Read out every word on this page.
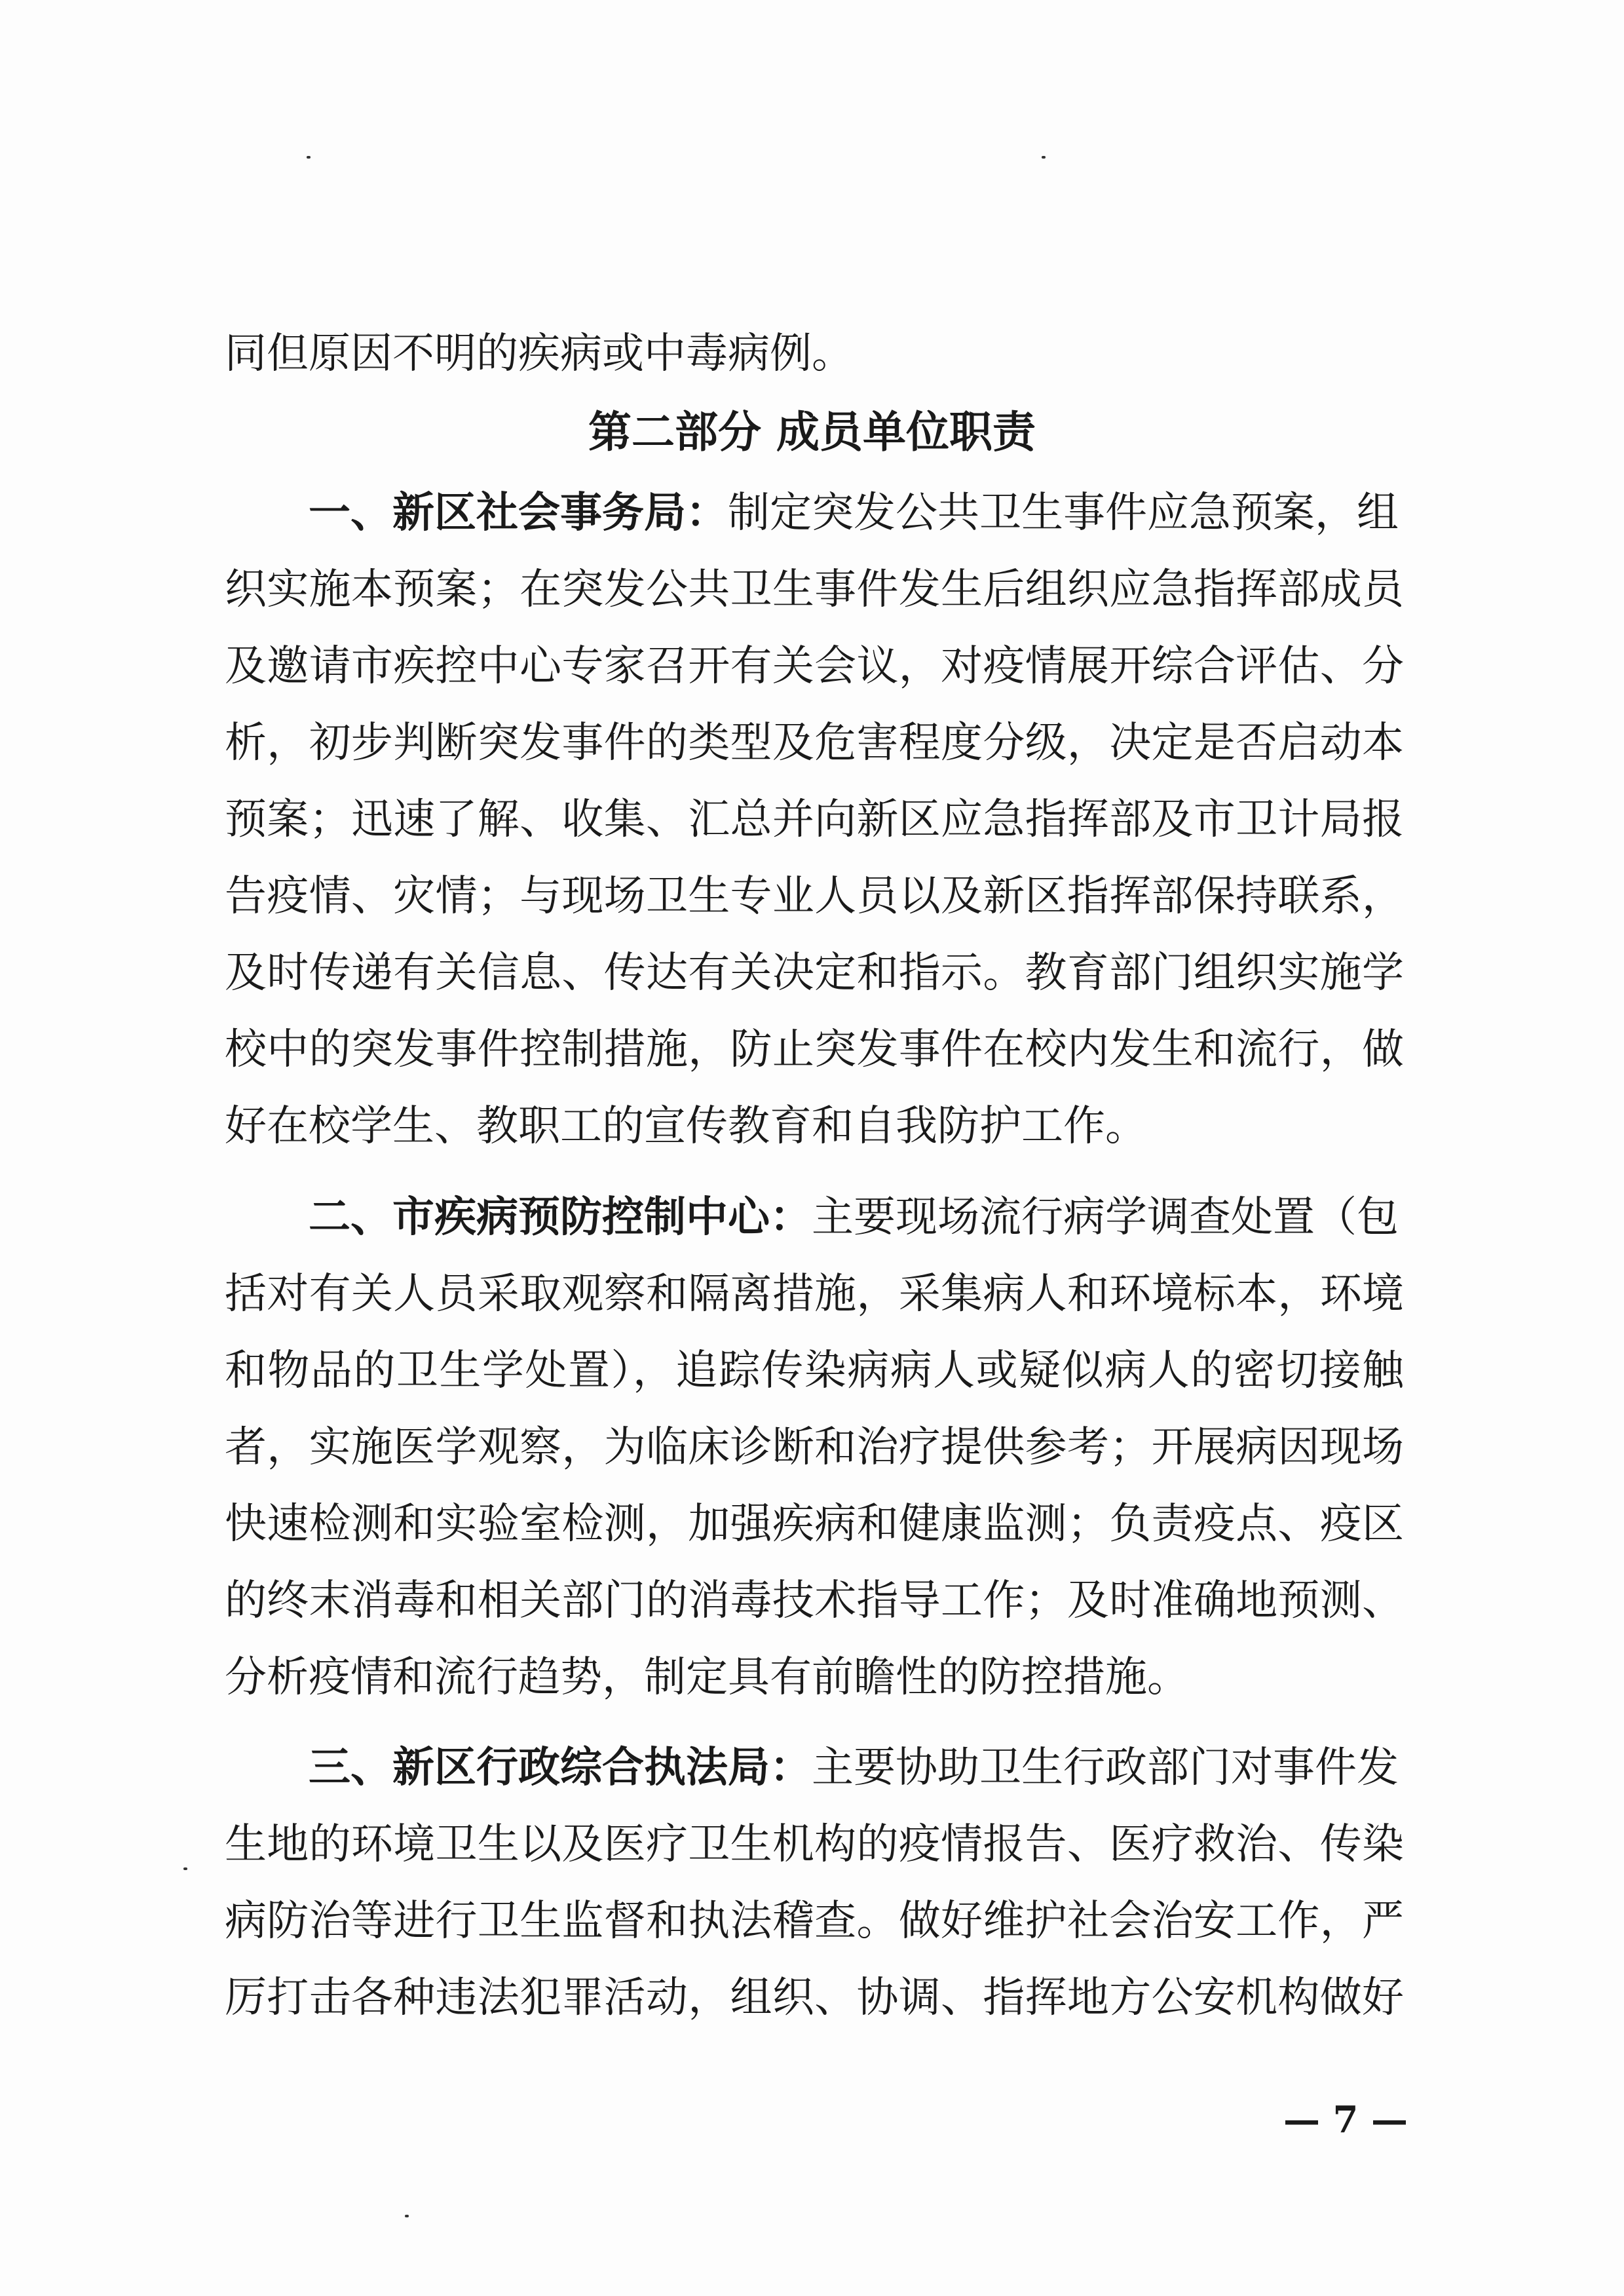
同但原因不明的疾病或中毒病例。
第二部分 成员单位职责
一、新区社会事务局：制定突发公共卫生事件应急预案，组
织实施本预案；在突发公共卫生事件发生后组织应急指挥部成员
及邀请市疾控中心专家召开有关会议，对疫情展开综合评估、分
析，初步判断突发事件的类型及危害程度分级，决定是否启动本
预案；迅速了解、收集、汇总并向新区应急指挥部及市卫计局报
告疫情、灾情；与现场卫生专业人员以及新区指挥部保持联系，
及时传递有关信息、传达有关决定和指示。教育部门组织实施学
校中的突发事件控制措施，防止突发事件在校内发生和流行，做
好在校学生、教职工的宣传教育和自我防护工作。
二、市疾病预防控制中心：主要现场流行病学调查处置（包
括对有关人员采取观察和隔离措施，采集病人和环境标本，环境
和物品的卫生学处置），追踪传染病病人或疑似病人的密切接触
者，实施医学观察，为临床诊断和治疗提供参考；开展病因现场
快速检测和实验室检测，加强疾病和健康监测；负责疫点、疫区
的终末消毒和相关部门的消毒技术指导工作；及时准确地预测、
分析疫情和流行趋势，制定具有前瞻性的防控措施。
三、新区行政综合执法局：主要协助卫生行政部门对事件发
生地的环境卫生以及医疗卫生机构的疫情报告、医疗救治、传染
病防治等进行卫生监督和执法稽查。做好维护社会治安工作，严
厉打击各种违法犯罪活动，组织、协调、指挥地方公安机构做好
— 7 —
